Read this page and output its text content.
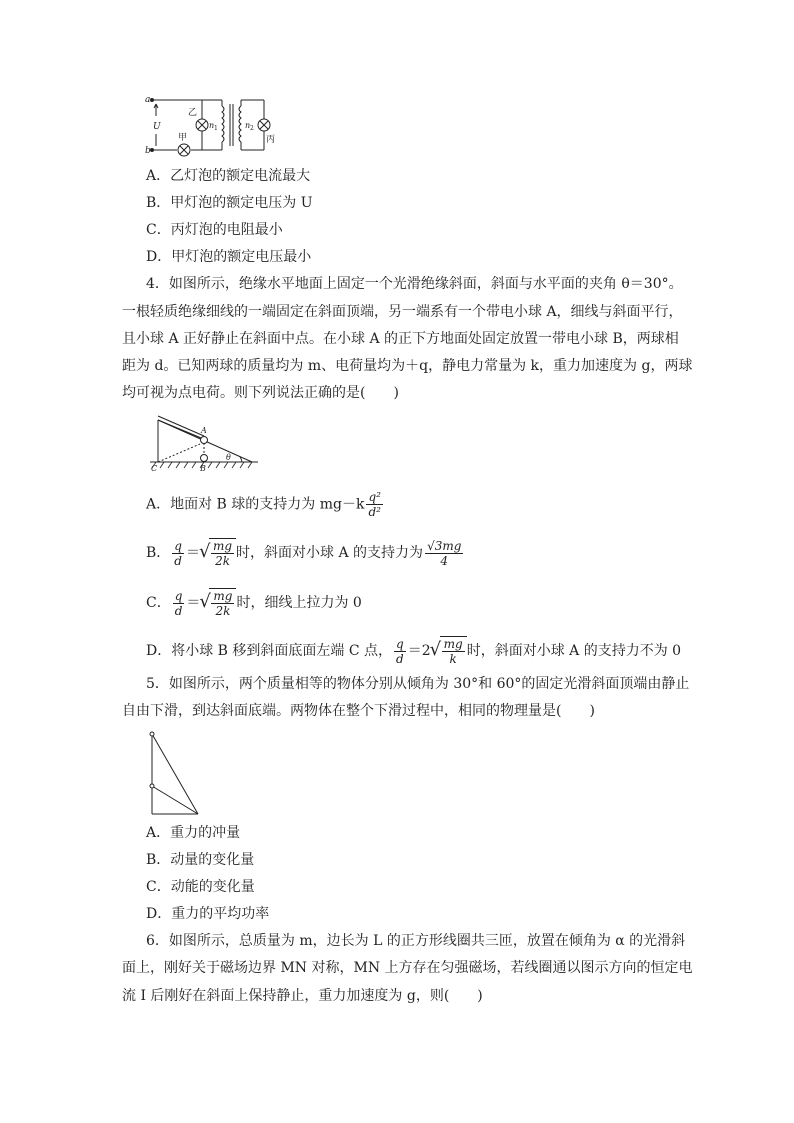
a
b
U
乙
甲	丙
n 1	n 2
A．乙灯泡的额定电流最大
B．甲灯泡的额定电压为 U
C．丙灯泡的电阻最小
D．甲灯泡的额定电压最小
4．如图所示，绝缘水平地面上固定一个光滑绝缘斜面，斜面与水平面的夹角 θ＝30°。
一根轻质绝缘细线的一端固定在斜面顶端，另一端系有一个带电小球 A，细线与斜面平行，
且小球 A 正好静止在斜面中点。在小球 A 的正下方地面处固定放置一带电小球 B，两球相
距为 d。已知两球的质量均为 m、电荷量均为＋q，静电力常量为 k，重力加速度为 g，两球
均可视为点电荷。则下列说法正确的是(　　)
A
B
C
θ
A．地面对 B 球的支持力为 $mg-k \frac{\text{q²}}{\text{d²}}$
B． $\frac{q}{d}$ ＝ √ $\frac{mg}{2k}$ 时，斜面对小球 A 的支持力为 $\frac{√3mg}{4}$
C． $\frac{q}{d}$ ＝ √ $\frac{mg}{2k}$ 时，细线上拉力为 0
D．将小球 B 移到斜面底面左端 C 点， $\frac{q}{d} =2$ √ $\frac{mg}{k}$ 时，斜面对小球 A 的支持力不为 0
5．如图所示，两个质量相等的物体分别从倾角为 30°和 60°的固定光滑斜面顶端由静止
自由下滑，到达斜面底端。两物体在整个下滑过程中，相同的物理量是(　　)
A．重力的冲量
B．动量的变化量
C．动能的变化量
D．重力的平均功率
6．如图所示，总质量为 m，边长为 L 的正方形线圈共三匝，放置在倾角为 α 的光滑斜
面上，刚好关于磁场边界 MN 对称，MN 上方存在匀强磁场，若线圈通以图示方向的恒定电
流 I 后刚好在斜面上保持静止，重力加速度为 g，则(　　)
